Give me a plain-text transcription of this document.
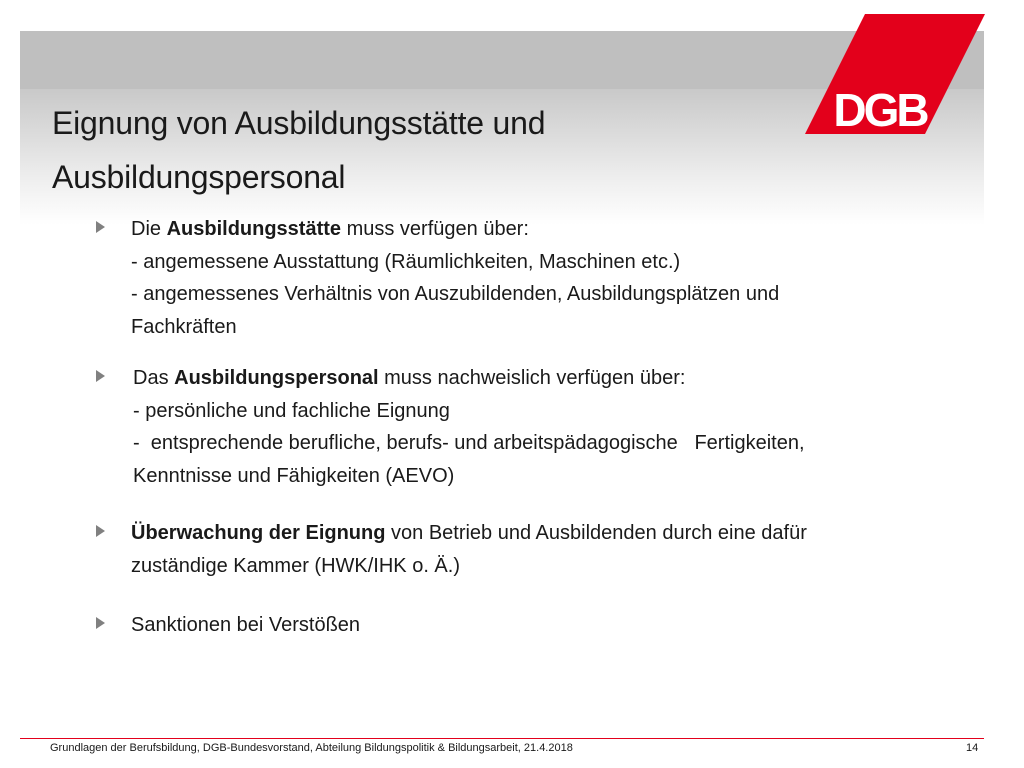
DGB
Eignung von Ausbildungsstätte und
Ausbildungspersonal
Die Ausbildungsstätte muss verfügen über:
- angemessene Ausstattung (Räumlichkeiten, Maschinen etc.)
- angemessenes Verhältnis von Auszubildenden, Ausbildungsplätzen und
Fachkräften
Das Ausbildungspersonal muss nachweislich verfügen über:
- persönliche und fachliche Eignung
-  entsprechende berufliche, berufs- und arbeitspädagogische   Fertigkeiten,
Kenntnisse und Fähigkeiten (AEVO)
Überwachung der Eignung von Betrieb und Ausbildenden durch eine dafür
zuständige Kammer (HWK/IHK o. Ä.)
Sanktionen bei Verstößen
Grundlagen der Berufsbildung, DGB-Bundesvorstand, Abteilung Bildungspolitik & Bildungsarbeit, 21.4.2018	14
